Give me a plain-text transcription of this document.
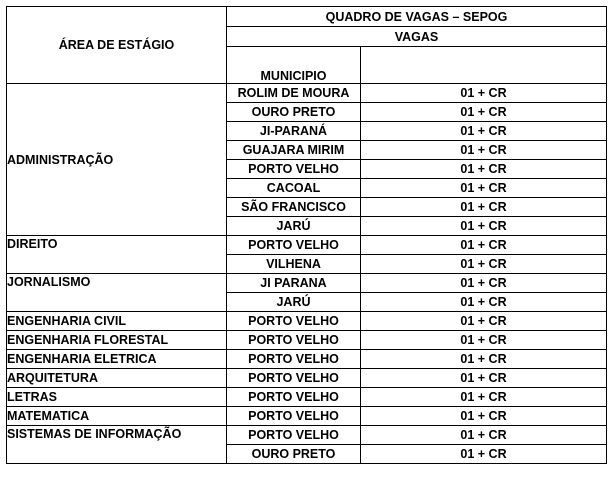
ÁREA DE ESTÁGIO	QUADRO DE VAGAS – SEPOG	
	VAGAS	
	MUNICIPIO	
ADMINISTRAÇÃO	ROLIM DE MOURA	01 + CR
	OURO PRETO	01 + CR
	JI-PARANÁ	01 + CR
	GUAJARA MIRIM	01 + CR
	PORTO VELHO	01 + CR
	CACOAL	01 + CR
	SÃO FRANCISCO	01 + CR
	JARÚ	01 + CR
DIREITO	PORTO VELHO	01 + CR
	VILHENA	01 + CR
JORNALISMO	JI PARANA	01 + CR
	JARÚ	01 + CR
ENGENHARIA CIVIL	PORTO VELHO	01 + CR
ENGENHARIA FLORESTAL	PORTO VELHO	01 + CR
ENGENHARIA ELETRICA	PORTO VELHO	01 + CR
ARQUITETURA	PORTO VELHO	01 + CR
LETRAS	PORTO VELHO	01 + CR
MATEMATICA	PORTO VELHO	01 + CR
SISTEMAS DE INFORMAÇÃO	PORTO VELHO	01 + CR
	OURO PRETO	01 + CR
